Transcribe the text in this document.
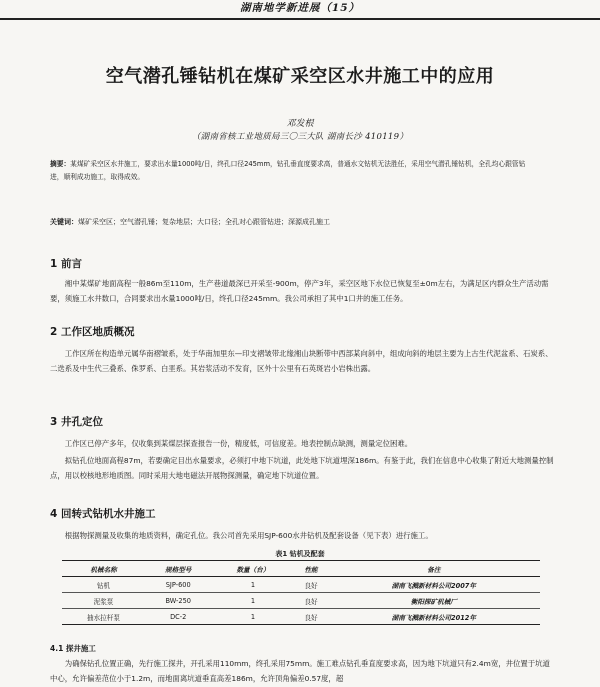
湖南地学新进展（15）
空气潜孔锤钻机在煤矿采空区水井施工中的应用
邓发根
（湖南省核工业地质局三〇三大队 湖南长沙 410119）

摘要：某煤矿采空区水井施工，要求出水量1000吨/日，终孔口径245mm，钻孔垂直度要求高，普通水文钻机无法胜任，采用空气潜孔锤钻机，全孔均心跟管钻进，顺利成功施工，取得成效。

关键词：煤矿采空区；空气潜孔锤；复杂地层；大口径；全孔对心跟管钻进；深源成孔施工

1 前言

湘中某煤矿地面高程一般86m至110m，生产巷道最深已开采至-900m，停产3年，采空区地下水位已恢复至±0m左右，为满足区内群众生产活动需要，须施工水井数口，合同要求出水量1000吨/日，终孔口径245mm。我公司承担了其中1口井的施工任务。

2 工作区地质概况

工作区所在构造单元属华南褶皱系，处于华南加里东—印支褶皱带北缘湘山块断带中西部某向斜中，组成向斜的地层主要为上古生代泥盆系、石炭系、二迭系及中生代三叠系、侏罗系、白垩系。其岩浆活动不发育，区外十公里有石英斑岩小岩株出露。

3 井孔定位

工作区已停产多年，仅收集到某煤层探查报告一份，精度低，可信度差。地表控制点缺测，测量定位困难。

拟钻孔位地面高程87m，若要确定目出水量要求，必须打中地下坑道，此处地下坑道埋深186m。有鉴于此，我们在信息中心收集了附近大地测量控制点，用以校核地形地质图。同时采用大地电磁法开展物探测量，确定地下坑道位置。

4 回转式钻机水井施工

根据物探测量及收集的地质资料，确定孔位。我公司首先采用SJP-600水井钻机及配套设备（见下表）进行施工。

表1 钻机及配套

机械名称	规格型号	数量（台）	性能	备注
钻机	SJP-600	1	良好	湖南飞溅新材料公司2007年
泥浆泵	BW-250	1	良好	衡阳探矿机械厂
抽水拉杆泵	DC-2	1	良好	湖南飞溅新材料公司2012年
4.1 探井施工

为确保钻孔位置正确，先行施工探井，开孔采用110mm，终孔采用75mm。施工难点钻孔垂直度要求高，因为地下坑道只有2.4m宽，井位置于坑道中心，允许偏差范位小于1.2m，而地面离坑道垂直高差186m，允许顶角偏差0.57度，超
